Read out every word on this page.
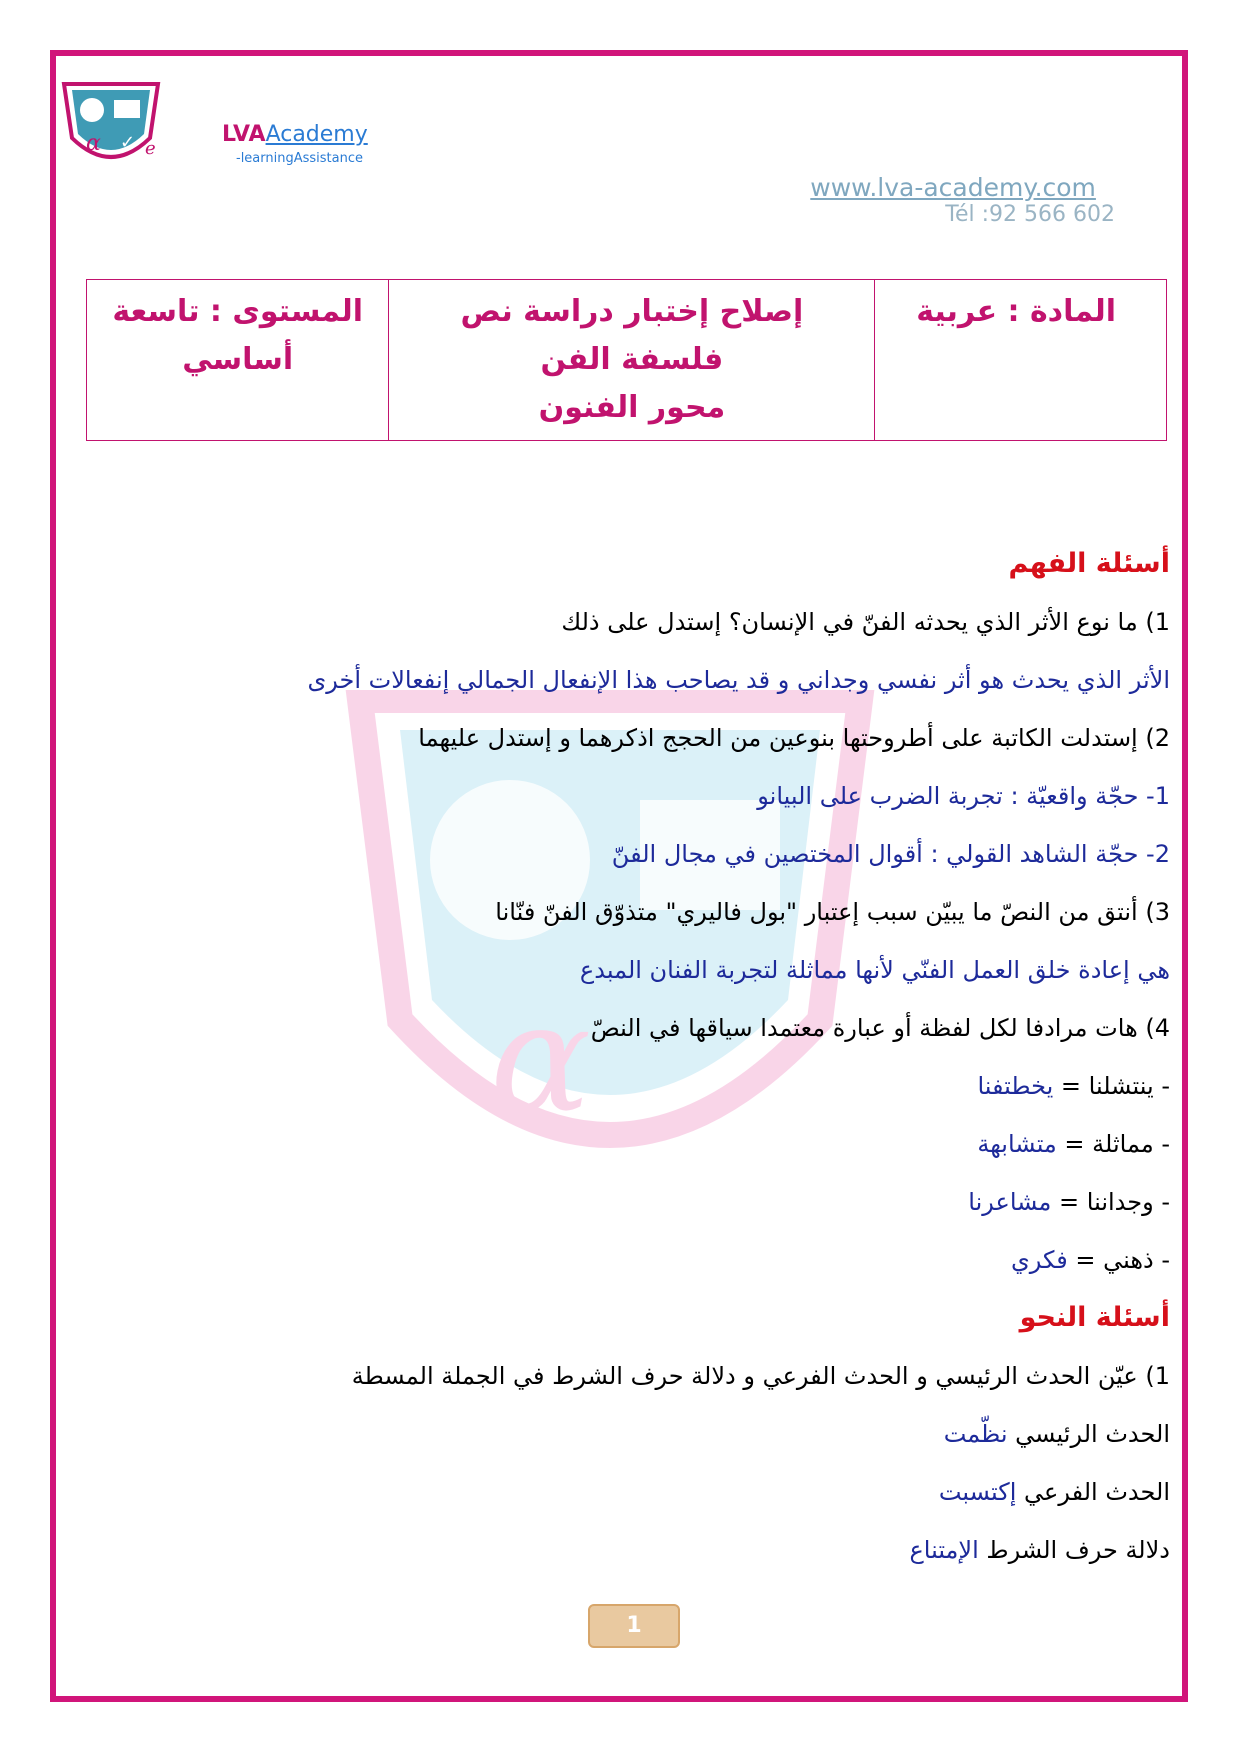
α ✓ e
LVAAcademy
-learningAssistance
www.lva-academy.com
Tél :92 566 602
المادة : عربية	
إصلاح إختبار دراسة نص
فلسفة الفن
محور الفنون

المستوى : تاسعة
أساسي
α
أسئلة الفهم
1) ما نوع الأثر الذي يحدثه الفنّ في الإنسان؟ إستدل على ذلك
الأثر الذي يحدث هو أثر نفسي وجداني و قد يصاحب هذا الإنفعال الجمالي إنفعالات أخرى
2) إستدلت الكاتبة على أطروحتها بنوعين من الحجج اذكرهما و إستدل عليهما
1- حجّة واقعيّة : تجربة الضرب على البيانو
2- حجّة الشاهد القولي : أقوال المختصين في مجال الفنّ
3) أنتق من النصّ ما يبيّن سبب إعتبار "بول فاليري" متذوّق الفنّ فنّانا
هي إعادة خلق العمل الفنّي لأنها مماثلة لتجربة الفنان المبدع
4) هات مرادفا لكل لفظة أو عبارة معتمدا سياقها في النصّ
- ينتشلنا = يخطتفنا
- مماثلة = متشابهة
- وجداننا = مشاعرنا
- ذهني = فكري
أسئلة النحو
1) عيّن الحدث الرئيسي و الحدث الفرعي و دلالة حرف الشرط في الجملة المسطة
الحدث الرئيسي نظّمت
الحدث الفرعي إكتسبت
دلالة حرف الشرط الإمتناع
1
